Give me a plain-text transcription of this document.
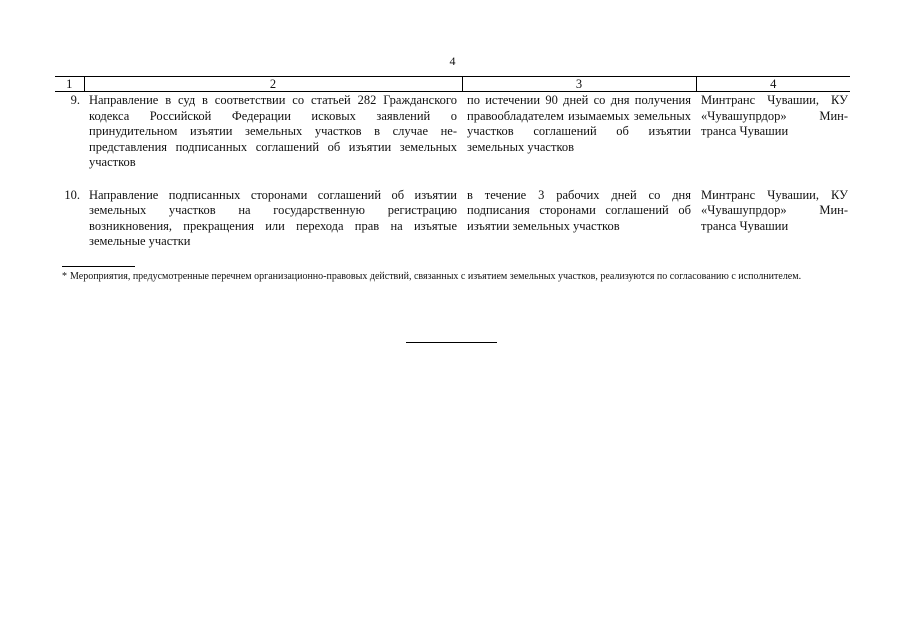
4
1	2	3	4
9.	Направление в суд в соответствии со статьей 282 Гражданского кодекса Российской Федерации исковых заявлений о принудительном изъятии земельных участков в случае непредставления подписанных соглашений об изъятии земельных участков	по истечении 90 дней со дня получения правообладателем изымаемых земельных участков соглашений об изъятии земельных участков	Минтранс Чувашии, КУ «Чувашупрдор» Минтранса Чувашии
10.	Направление подписанных сторонами соглашений об изъятии земельных участков на государственную регистрацию возникновения, прекращения или перехода прав на изъятые земельные участки	в течение 3 рабочих дней со дня подписания сторонами соглашений об изъятии земельных участков	Минтранс Чувашии, КУ «Чувашупрдор» Минтранса Чувашии
* Мероприятия, предусмотренные перечнем организационно-правовых действий, связанных с изъятием земельных участков, реализуются по согласованию с исполнителем.
